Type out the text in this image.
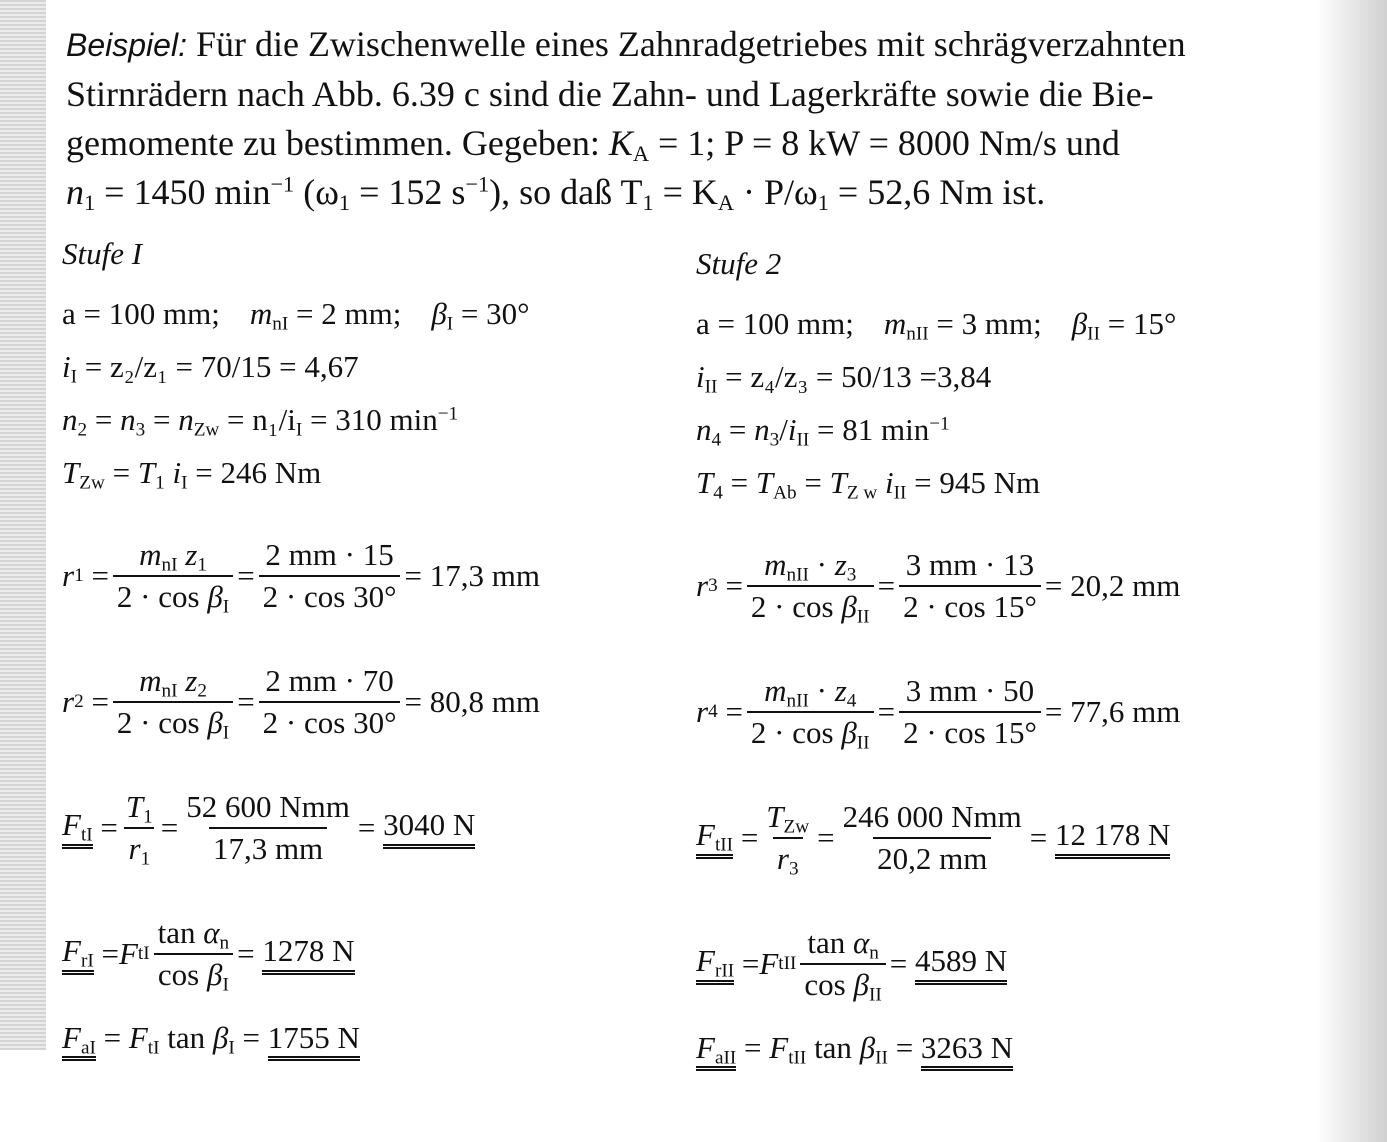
Beispiel: Für die Zwischenwelle eines Zahnradgetriebes mit schrägverzahnten
Stirnrädern nach Abb. 6.39 c sind die Zahn- und Lagerkräfte sowie die Bie-
gemomente zu bestimmen. Gegeben: $K_A = 1$; P = 8 kW = 8000 Nm/s und
$n_1 = 1450$ $\min^{-1} (\omega_1 = 152$ $s^{-1}$), so daß $T_1 = K_A \cdot P/\omega_1 = 52,6$ Nm ist.
Stufe I
a = 100 mm; $m_{nI} = 2$ mm; $\beta_I = 30^\circ$
$i_I = z_2/z_1 = 70/15 = 4,67$
$n_2 = n_3 = n_{Zw} = n_1/i_I = 310$ $\min^{-1}$
$T_{Zw} = T_1$ $i_I = 246$ Nm
r $1 = \frac{m_{nI} z_1}{2 \cdot \cos \beta_I} = \frac{2 mm \cdot 15}{2 \cdot \cos 30^\circ} = 17,3$ mm
r $2 = \frac{m_{nI} z_2}{2 \cdot \cos \beta_I} = \frac{2 mm \cdot 70}{2 \cdot \cos 30^\circ} = 80,8$ mm
$F_{tI} = \frac{T_1}{r_1} = \frac{\text{52 600 Nmm}}{17,3 mm} = 3040$ N
$F_{rI} = F$ tI $\frac{\tan \alpha_n}{\cos \beta_I} = 1278$ N
$F_{aI} = F_{tI}$ $\tan \beta_I = 1755$ N
Stufe 2
a = 100 mm; $m_{nII} = 3$ mm; $\beta_{II} = 15^\circ$
$i_{II} = z_4/z_3 = 50/13 =3,84$
$n_4 = n_3/i_{II} = 81$ $\min^{-1}$
$T_4 = T_{Ab} = T_{Z w}$ $i_{II} = 945$ Nm
r $3 = \frac{m_{nII} \cdot z_3}{2 \cdot \cos \beta_{II}} = \frac{3 mm \cdot 13}{2 \cdot \cos 15^\circ} = 20,2$ mm
r $4 = \frac{m_{nII} \cdot z_4}{2 \cdot \cos \beta_{II}} = \frac{3 mm \cdot 50}{2 \cdot \cos 15^\circ} = 77,6$ mm
$F_{tII} = \frac{T_{Zw}}{r_3} = \frac{\text{246 000 Nmm}}{20,2 mm} = 12$ 178 N
$F_{rII} = F$ tII $\frac{\tan \alpha_n}{\cos \beta_{II}} = 4589$ N
$F_{aII} = F_{tII}$ $\tan \beta_{II} = 3263$ N
